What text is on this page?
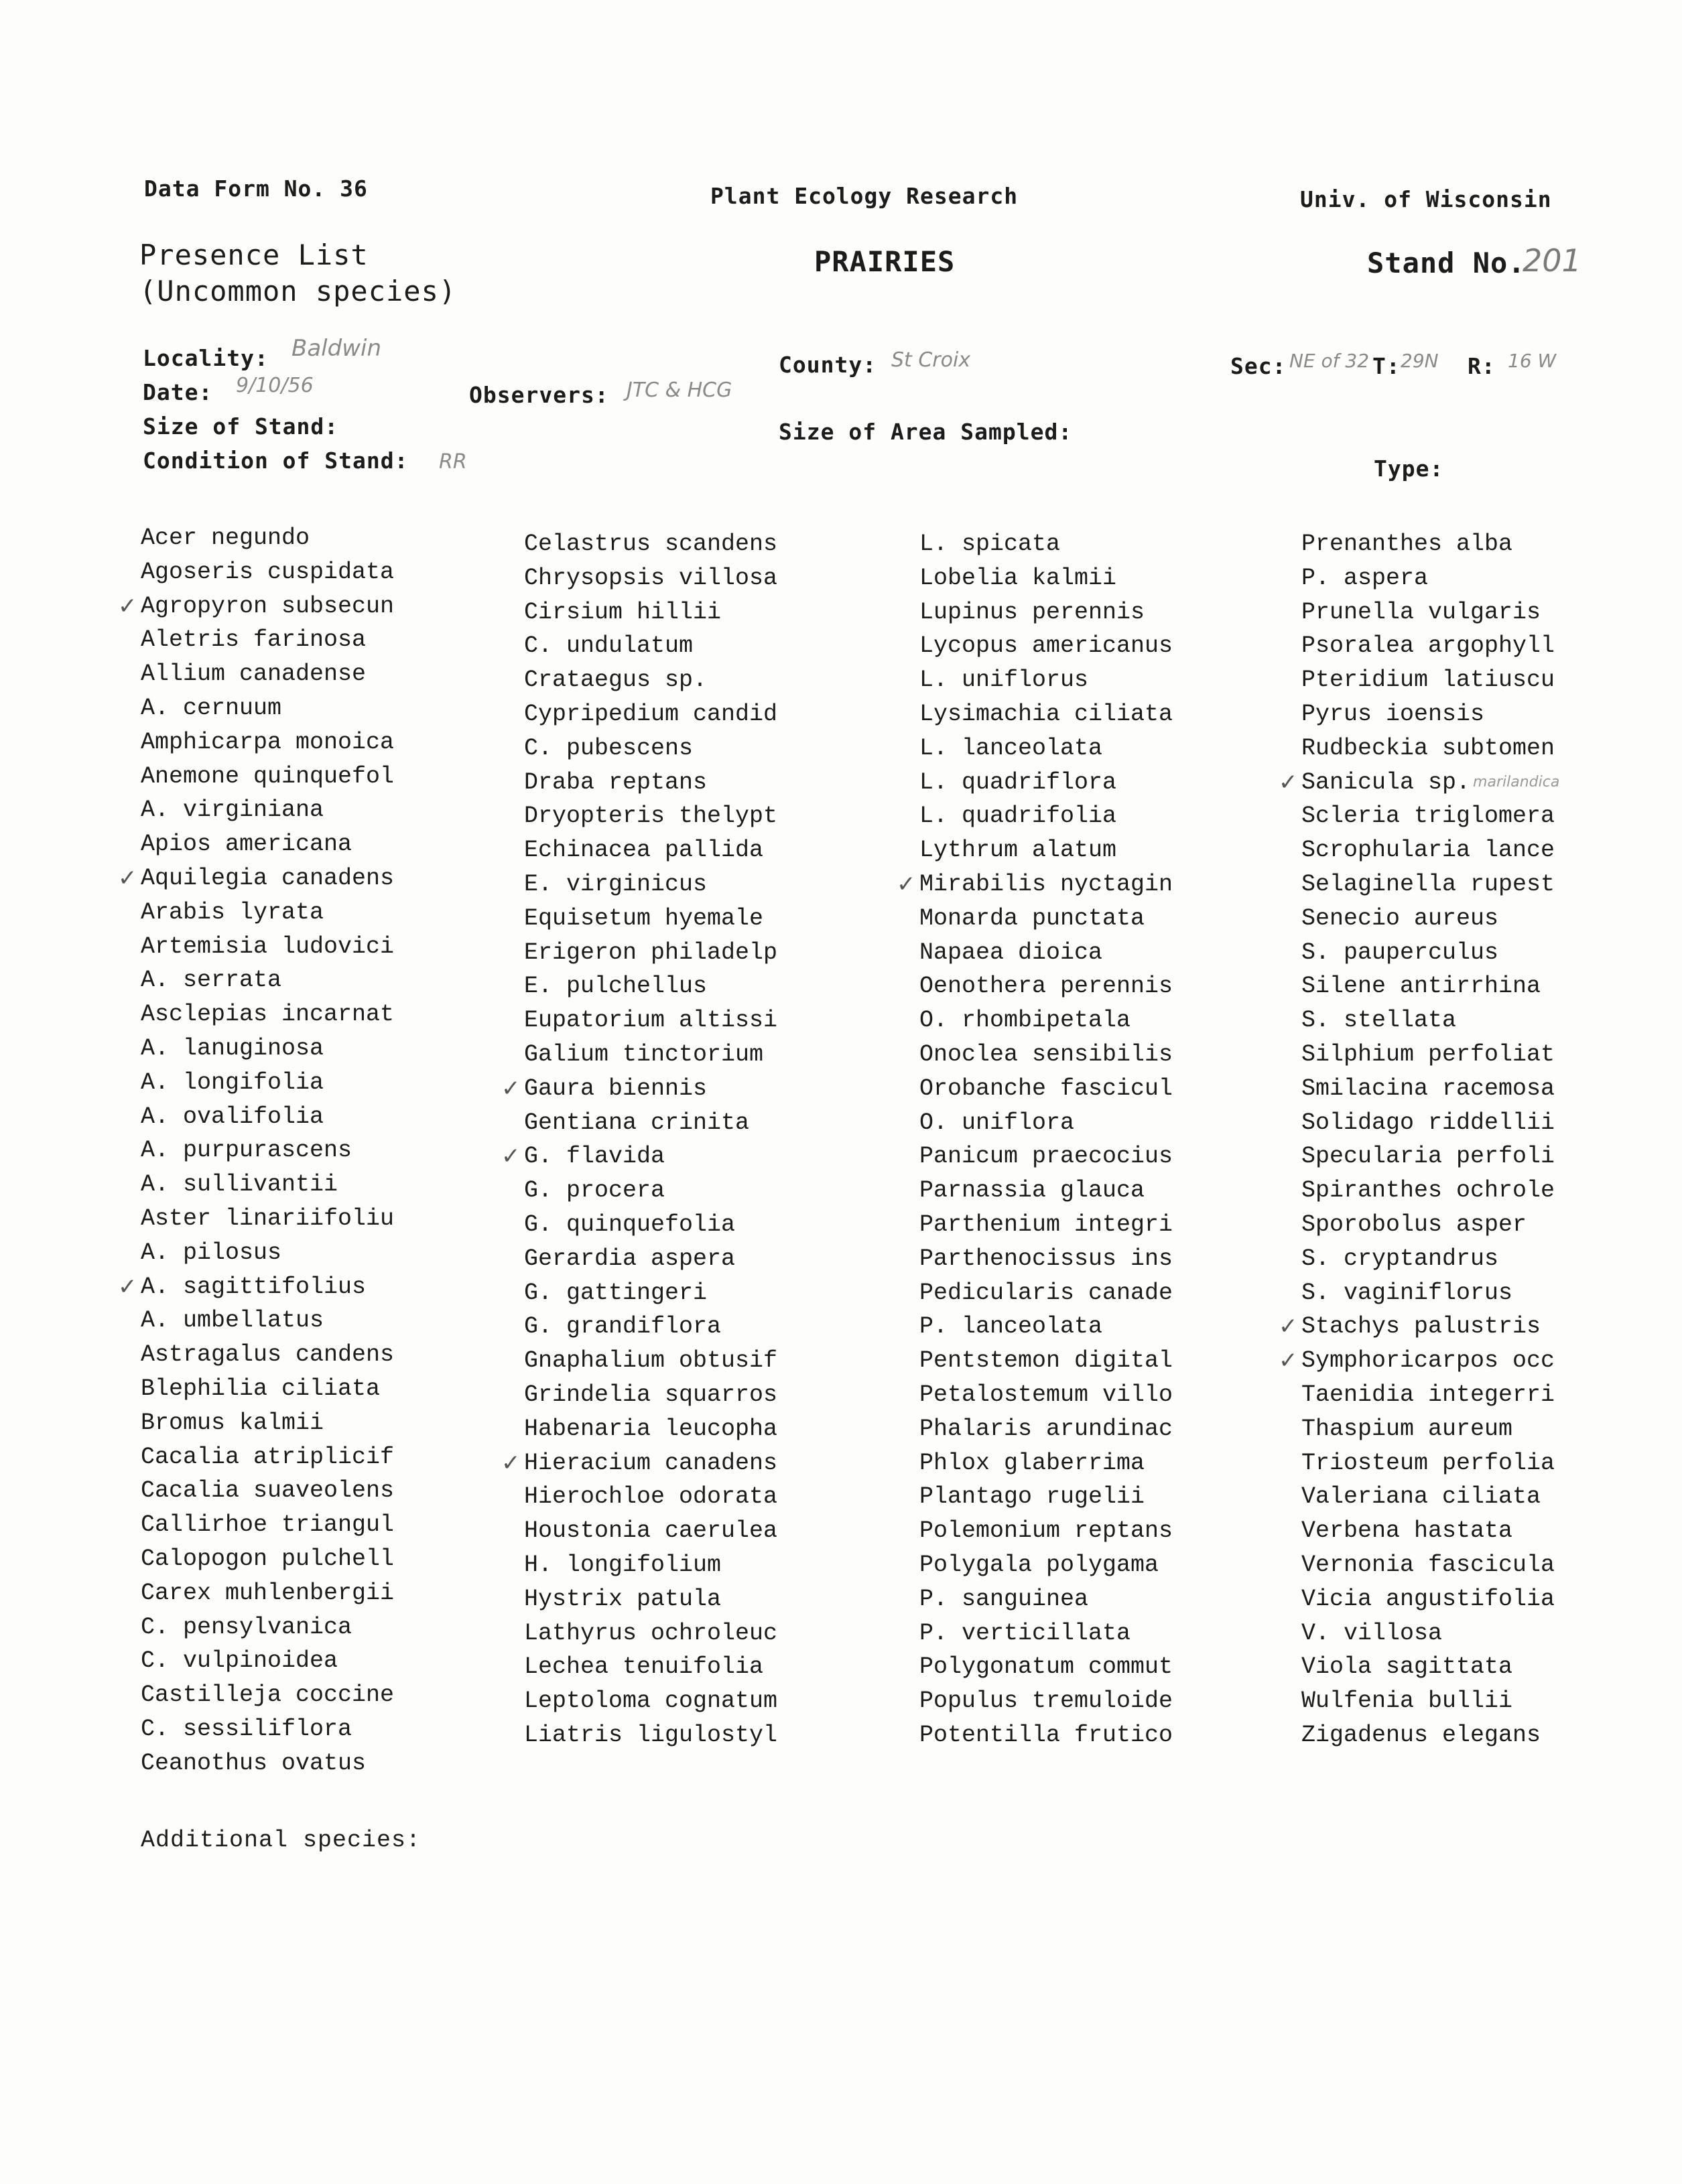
Data Form No. 36	Plant Ecology Research	Univ. of Wisconsin
Presence List
(Uncommon species)
PRAIRIES	Stand No.
201
Locality: Baldwin
Date: 9/10/56	Observers: JTC & HCG
Size of Stand:
Condition of Stand: RR
County: St Croix
Size of Area Sampled:
Sec: NE of 32 T: 29N R: 16 W
Type:
Acer negundo
Agoseris cuspidata
✓ Agropyron subsecun
Aletris farinosa
Allium canadense
A. cernuum
Amphicarpa monoica
Anemone quinquefol
A. virginiana
Apios americana
✓ Aquilegia canadens
Arabis lyrata
Artemisia ludovici
A. serrata
Asclepias incarnat
A. lanuginosa
A. longifolia
A. ovalifolia
A. purpurascens
A. sullivantii
Aster linariifoliu
A. pilosus
✓ A. sagittifolius
A. umbellatus
Astragalus candens
Blephilia ciliata
Bromus kalmii
Cacalia atriplicif
Cacalia suaveolens
Callirhoe triangul
Calopogon pulchell
Carex muhlenbergii
C. pensylvanica
C. vulpinoidea
Castilleja coccine
C. sessiliflora
Ceanothus ovatus
Celastrus scandens
Chrysopsis villosa
Cirsium hillii
C. undulatum
Crataegus sp.
Cypripedium candid
C. pubescens
Draba reptans
Dryopteris thelypt
Echinacea pallida
E. virginicus
Equisetum hyemale
Erigeron philadelp
E. pulchellus
Eupatorium altissi
Galium tinctorium
✓ Gaura biennis
Gentiana crinita
✓ G. flavida
G. procera
G. quinquefolia
Gerardia aspera
G. gattingeri
G. grandiflora
Gnaphalium obtusif
Grindelia squarros
Habenaria leucopha
✓ Hieracium canadens
Hierochloe odorata
Houstonia caerulea
H. longifolium
Hystrix patula
Lathyrus ochroleuc
Lechea tenuifolia
Leptoloma cognatum
Liatris ligulostyl
L. spicata
Lobelia kalmii
Lupinus perennis
Lycopus americanus
L. uniflorus
Lysimachia ciliata
L. lanceolata
L. quadriflora
L. quadrifolia
Lythrum alatum
✓ Mirabilis nyctagin
Monarda punctata
Napaea dioica
Oenothera perennis
O. rhombipetala
Onoclea sensibilis
Orobanche fascicul
O. uniflora
Panicum praecocius
Parnassia glauca
Parthenium integri
Parthenocissus ins
Pedicularis canade
P. lanceolata
Pentstemon digital
Petalostemum villo
Phalaris arundinac
Phlox glaberrima
Plantago rugelii
Polemonium reptans
Polygala polygama
P. sanguinea
P. verticillata
Polygonatum commut
Populus tremuloide
Potentilla frutico
Prenanthes alba
P. aspera
Prunella vulgaris
Psoralea argophyll
Pteridium latiuscu
Pyrus ioensis
Rudbeckia subtomen
✓ Sanicula sp. $^{marilandica}$
Scleria triglomera
Scrophularia lance
Selaginella rupest
Senecio aureus
S. pauperculus
Silene antirrhina
S. stellata
Silphium perfoliat
Smilacina racemosa
Solidago riddellii
Specularia perfoli
Spiranthes ochrole
Sporobolus asper
S. cryptandrus
S. vaginiflorus
✓ Stachys palustris
✓ Symphoricarpos occ
Taenidia integerri
Thaspium aureum
Triosteum perfolia
Valeriana ciliata
Verbena hastata
Vernonia fascicula
Vicia angustifolia
V. villosa
Viola sagittata
Wulfenia bullii
Zigadenus elegans
Additional species:
